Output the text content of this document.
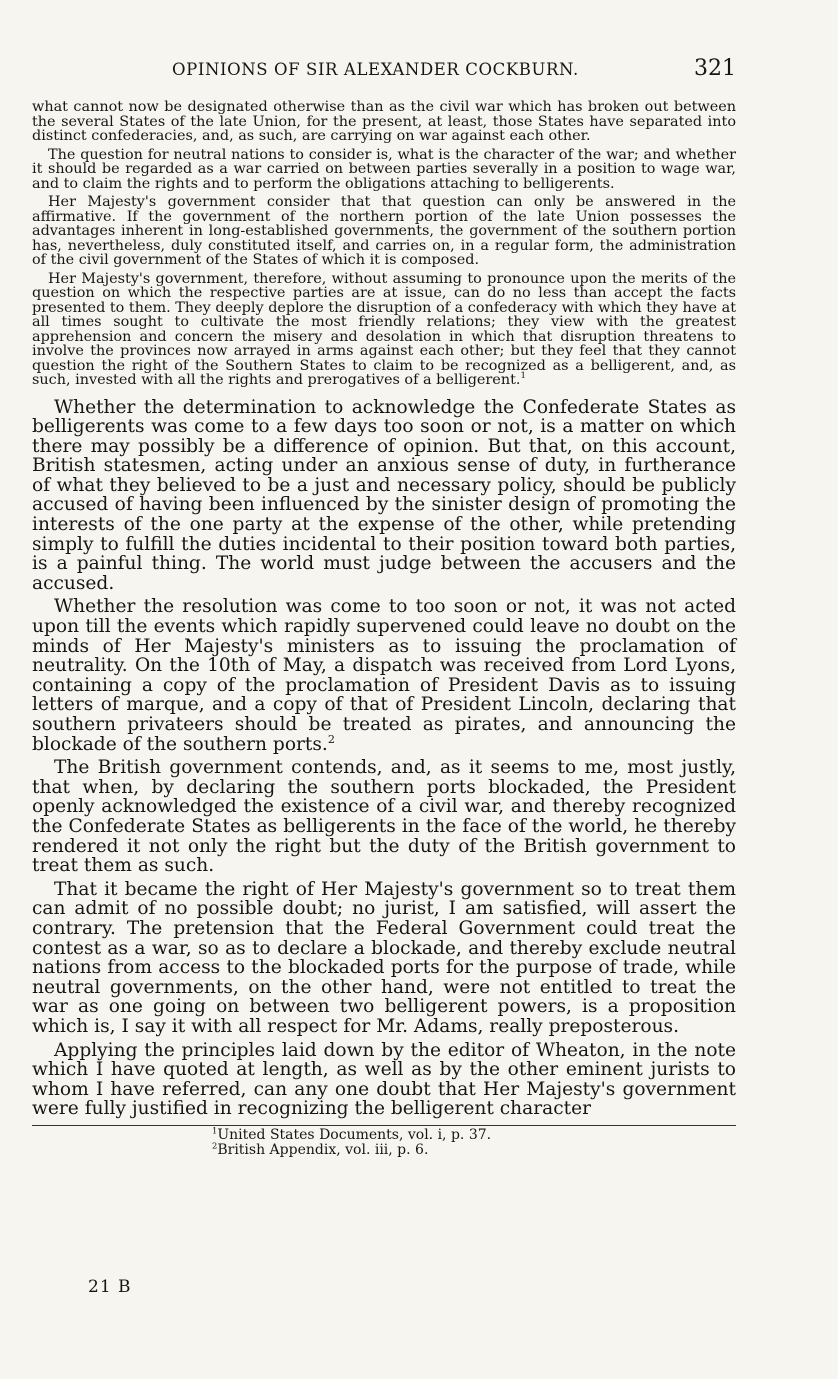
OPINIONS OF SIR ALEXANDER COCKBURN.	321

what cannot now be designated otherwise than as the civil war which has broken out between the several States of the late Union, for the present, at least, those States have separated into distinct confederacies, and, as such, are carrying on war against each other.

The question for neutral nations to consider is, what is the character of the war; and whether it should be regarded as a war carried on between parties severally in a position to wage war, and to claim the rights and to perform the obligations attaching to belligerents.

Her Majesty's government consider that that question can only be answered in the affirmative. If the government of the northern portion of the late Union possesses the advantages inherent in long-established governments, the government of the southern portion has, nevertheless, duly constituted itself, and carries on, in a regular form, the administration of the civil government of the States of which it is composed.

Her Majesty's government, therefore, without assuming to pronounce upon the merits of the question on which the respective parties are at issue, can do no less than accept the facts presented to them. They deeply deplore the disruption of a confederacy with which they have at all times sought to cultivate the most friendly relations; they view with the greatest apprehension and concern the misery and desolation in which that disruption threatens to involve the provinces now arrayed in arms against each other; but they feel that they cannot question the right of the Southern States to claim to be recognized as a belligerent, and, as such, invested with all the rights and prerogatives of a belligerent.$^1$

Whether the determination to acknowledge the Confederate States as belligerents was come to a few days too soon or not, is a matter on which there may possibly be a difference of opinion. But that, on this account, British statesmen, acting under an anxious sense of duty, in furtherance of what they believed to be a just and necessary policy, should be publicly accused of having been influenced by the sinister design of promoting the interests of the one party at the expense of the other, while pretending simply to fulfill the duties incidental to their position toward both parties, is a painful thing. The world must judge between the accusers and the accused.

Whether the resolution was come to too soon or not, it was not acted upon till the events which rapidly supervened could leave no doubt on the minds of Her Majesty's ministers as to issuing the proclamation of neutrality. On the 10th of May, a dispatch was received from Lord Lyons, containing a copy of the proclamation of President Davis as to issuing letters of marque, and a copy of that of President Lincoln, declaring that southern privateers should be treated as pirates, and announcing the blockade of the southern ports.$^2$

The British government contends, and, as it seems to me, most justly, that when, by declaring the southern ports blockaded, the President openly acknowledged the existence of a civil war, and thereby recognized the Confederate States as belligerents in the face of the world, he thereby rendered it not only the right but the duty of the British government to treat them as such.

That it became the right of Her Majesty's government so to treat them can admit of no possible doubt; no jurist, I am satisfied, will assert the contrary. The pretension that the Federal Government could treat the contest as a war, so as to declare a blockade, and thereby exclude neutral nations from access to the blockaded ports for the purpose of trade, while neutral governments, on the other hand, were not entitled to treat the war as one going on between two belligerent powers, is a proposition which is, I say it with all respect for Mr. Adams, really preposterous.

Applying the principles laid down by the editor of Wheaton, in the note which I have quoted at length, as well as by the other eminent jurists to whom I have referred, can any one doubt that Her Majesty's government were fully justified in recognizing the belligerent character

$^1$United States Documents, vol. i, p. 37.
$^2$British Appendix, vol. iii, p. 6.
21 B
